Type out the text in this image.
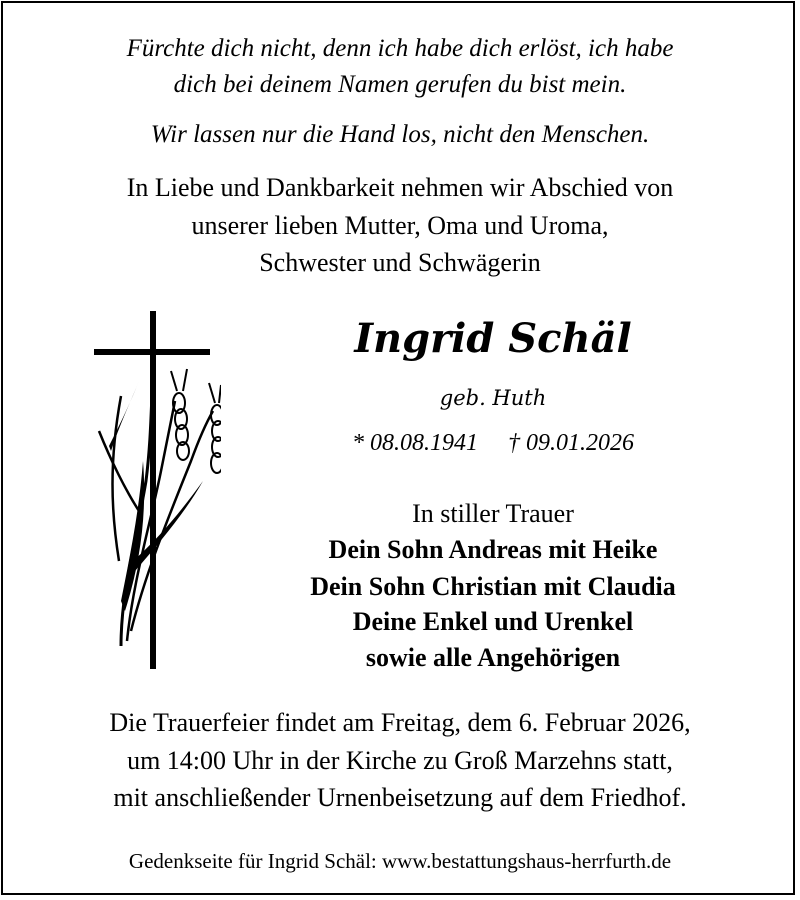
Fürchte dich nicht, denn ich habe dich erlöst, ich habe

dich bei deinem Namen gerufen du bist mein.

Wir lassen nur die Hand los, nicht den Menschen.

In Liebe und Dankbarkeit nehmen wir Abschied von

unserer lieben Mutter, Oma und Uroma,

Schwester und Schwägerin

Ingrid Schäl
geb. Huth
* 08.08.1941 † 09.01.2026

In stiller Trauer

Dein Sohn Andreas mit Heike

Dein Sohn Christian mit Claudia

Deine Enkel und Urenkel

sowie alle Angehörigen

Die Trauerfeier findet am Freitag, dem 6. Februar 2026,

um 14:00 Uhr in der Kirche zu Groß Marzehns statt,

mit anschließender Urnenbeisetzung auf dem Friedhof.

Gedenkseite für Ingrid Schäl: www.bestattungshaus-herrfurth.de
